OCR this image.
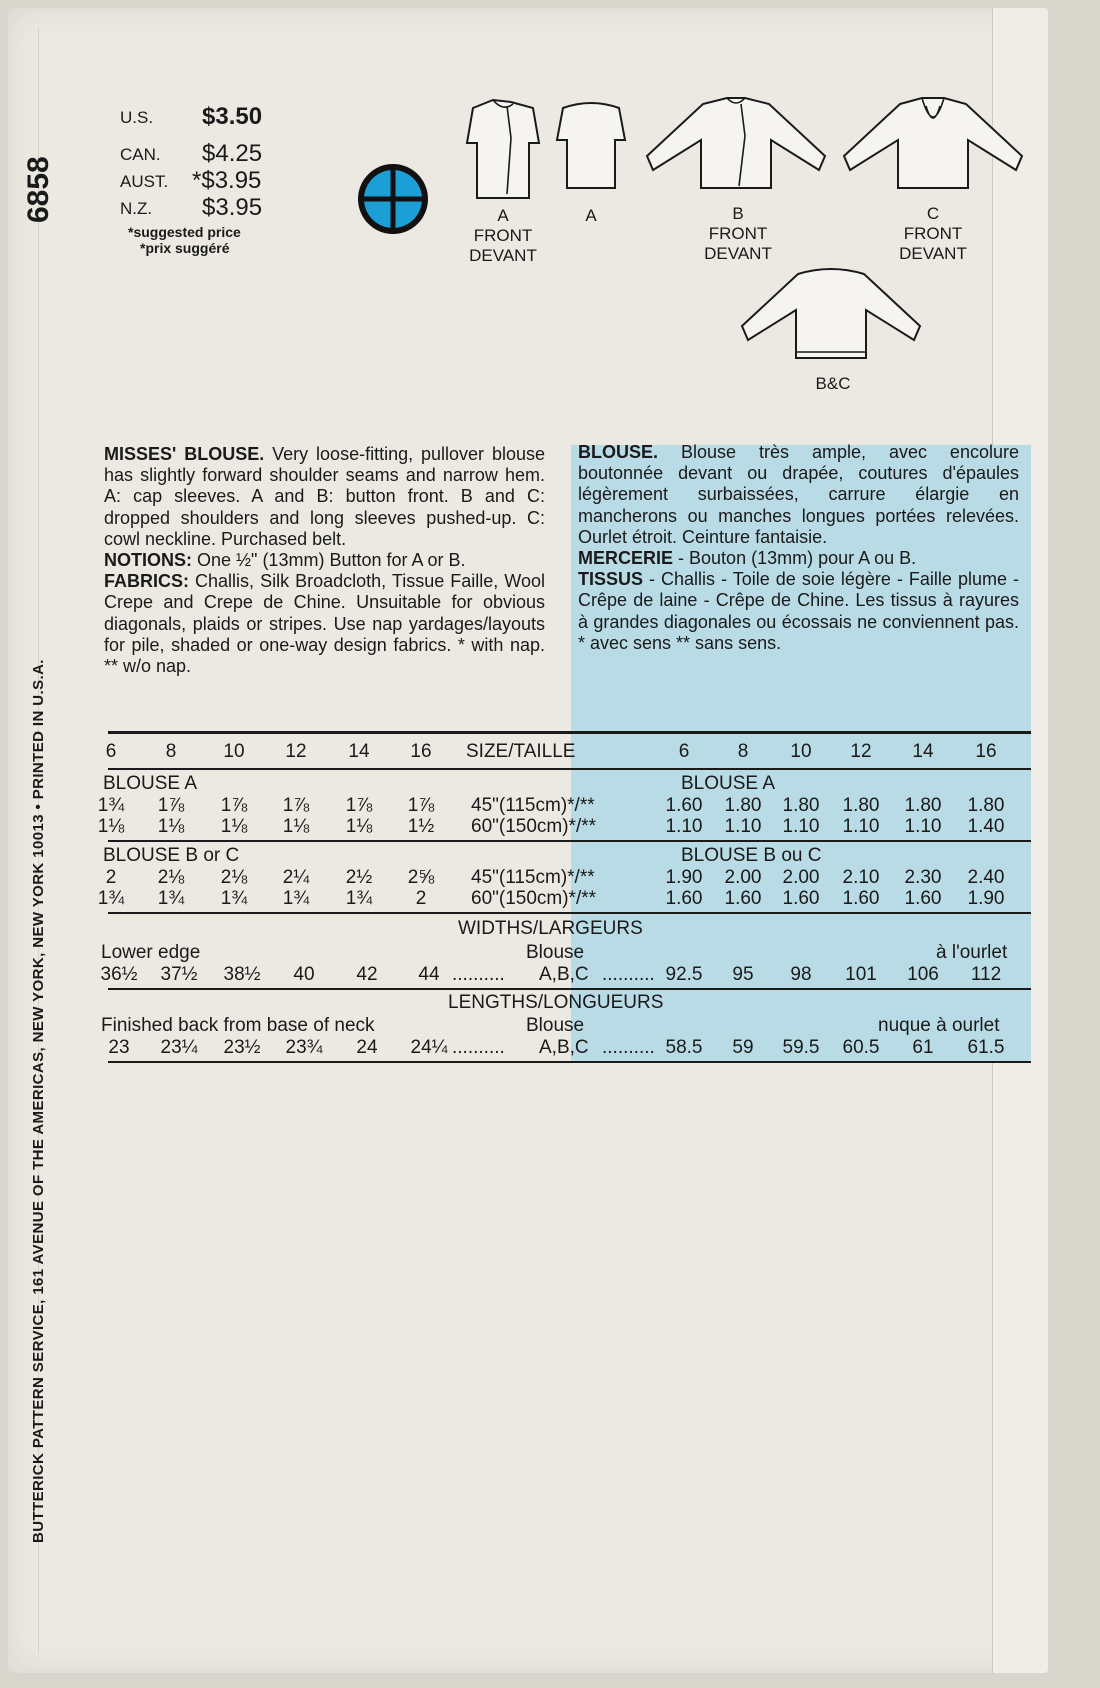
BUTTERICK PATTERN SERVICE, 161 AVENUE OF THE AMERICAS, NEW YORK, NEW YORK 10013 • PRINTED IN U.S.A.
6858
U.S. $3.50
CAN. $4.25
AUST. *$3.95
N.Z. $3.95
*suggested price
*prix suggéré
A
FRONT
DEVANT
A	B
FRONT
DEVANT
C
FRONT
DEVANT
B&C
MISSES' BLOUSE. Very loose-fitting, pullover blouse has slightly forward shoulder seams and narrow hem. A: cap sleeves. A and B: button front. B and C: dropped shoulders and long sleeves pushed-up. C: cowl neckline. Purchased belt.
NOTIONS: One ½" (13mm) Button for A or B.
FABRICS: Challis, Silk Broadcloth, Tissue Faille, Wool Crepe and Crepe de Chine. Unsuitable for obvious diagonals, plaids or stripes. Use nap yardages/layouts for pile, shaded or one-way design fabrics. * with nap. ** w/o nap.
BLOUSE. Blouse très ample, avec encolure boutonnée devant ou drapée, coutures d'épaules légèrement surbaissées, carrure élargie en mancherons ou manches longues portées relevées. Ourlet étroit. Ceinture fantaisie.
MERCERIE - Bouton (13mm) pour A ou B.
TISSUS - Challis - Toile de soie légère - Faille plume - Crêpe de laine - Crêpe de Chine. Les tissus à rayures à grandes diagonales ou écossais ne conviennent pas. * avec sens ** sans sens.
6	8 10 12 14 16 SIZE/TAILLE	6	8 10 12 14 16
BLOUSE A	BLOUSE A
1¾ 1⅞ 1⅞ 1⅞ 1⅞ 1⅞ 45"(115cm)*/**	1.60 1.80 1.80 1.80 1.80 1.80
1⅛ 1⅛ 1⅛ 1⅛ 1⅛ 1½ 60"(150cm)*/**	1.10 1.10 1.10 1.10 1.10 1.40
BLOUSE B or C	BLOUSE B ou C
2 2⅛ 2⅛ 2¼ 2½ 2⅝ 45"(115cm)*/**	1.90 2.00 2.00 2.10 2.30 2.40
1¾ 1¾ 1¾ 1¾ 1¾ 2 60"(150cm)*/**	1.60 1.60 1.60 1.60 1.60 1.90
WIDTHS/LARGEURS
Lower edge	Blouse	à l'ourlet
36½ 37½ 38½ 40 42 44 .......... A,B,C .......... 92.5 95 98 101 106 112
LENGTHS/LONGUEURS
Finished back from base of neck	Blouse	nuque à ourlet
23 23¼ 23½ 23¾ 24 24¼ .......... A,B,C .......... 58.5 59 59.5 60.5 61 61.5
